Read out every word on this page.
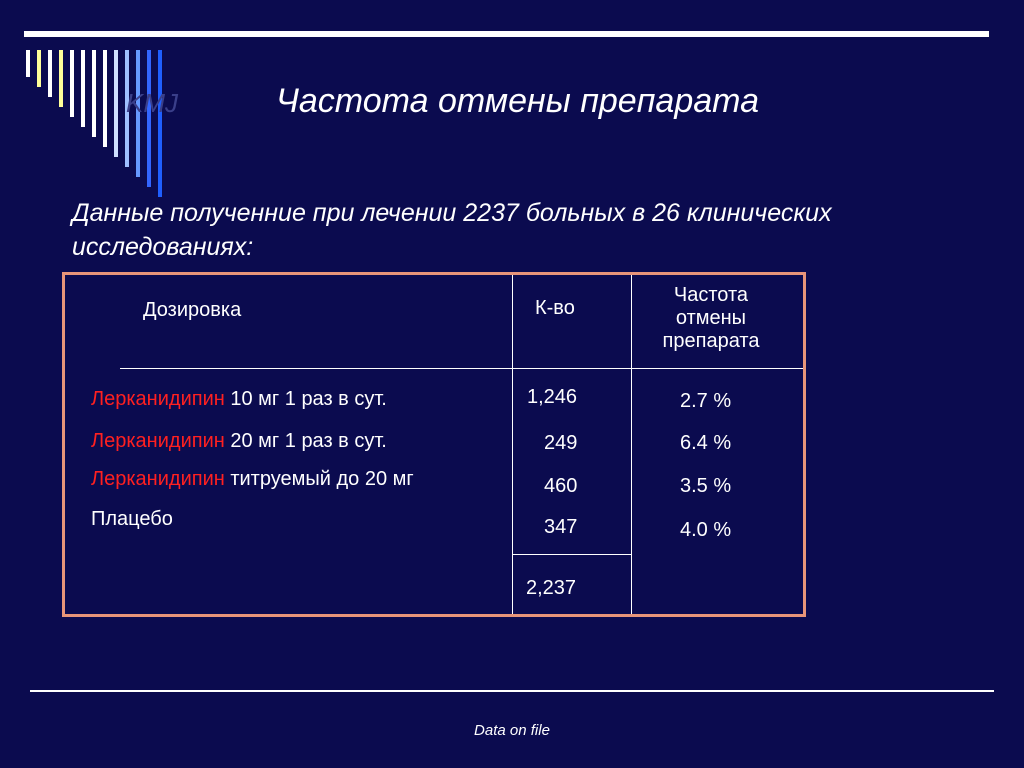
KMJ	Частота отмены препарата
Данные полученние при лечении 2237 больных в 26 клинических исследованиях:
Дозировка	К-во
Частота
отмены
препарата
Лерканидипин 10 мг 1 раз в сут.
Лерканидипин 20 мг 1 раз в сут.
Лерканидипин титруемый до 20 мг
Плацебо
1,246
249
460
347
2,237
2.7 %
6.4 %
3.5 %
4.0 %
Data on file
